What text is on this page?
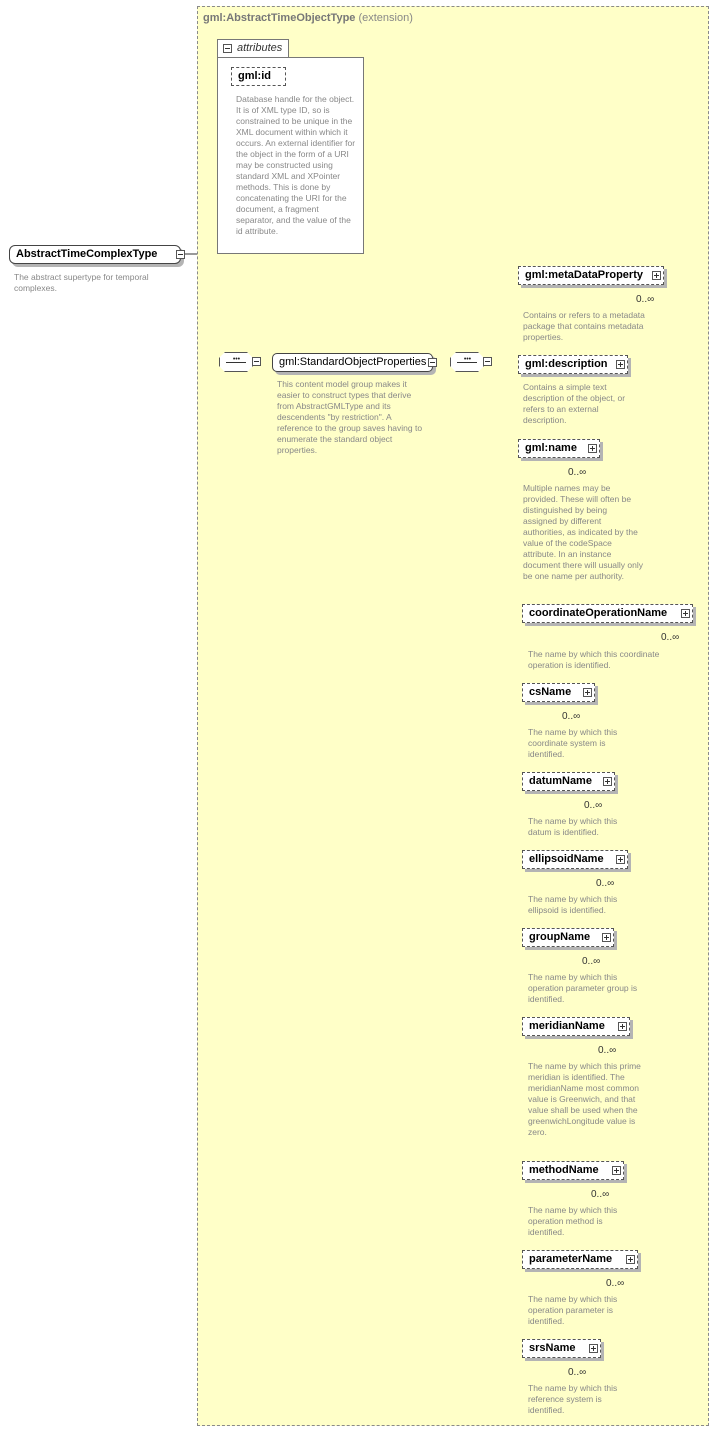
AbstractTimeComplexType
The abstract supertype for temporal complexes.
gml:AbstractTimeObjectType (extension)
attributes
gml:id
Database handle for the object. It is of XML type ID, so is constrained to be unique in the XML document within which it occurs. An external identifier for the object in the form of a URI may be constructed using standard XML and XPointer methods. This is done by concatenating the URI for the document, a fragment separator, and the value of the id attribute.
• • •
gml:StandardObjectProperties
This content model group makes it easier to construct types that derive from AbstractGMLType and its descendents "by restriction". A reference to the group saves having to enumerate the standard object properties.
• • •
gml:metaDataProperty
0..∞
Contains or refers to a metadata package that contains metadata properties.
gml:description
Contains a simple text description of the object, or refers to an external description.
gml:name
0..∞
Multiple names may be provided. These will often be distinguished by being assigned by different authorities, as indicated by the value of the codeSpace attribute. In an instance document there will usually only be one name per authority.
coordinateOperationName
0..∞
The name by which this coordinate operation is identified.
csName
0..∞
The name by which this coordinate system is identified.
datumName
0..∞
The name by which this datum is identified.
ellipsoidName
0..∞
The name by which this ellipsoid is identified.
groupName
0..∞
The name by which this operation parameter group is identified.
meridianName
0..∞
The name by which this prime meridian is identified. The meridianName most common value is Greenwich, and that value shall be used when the greenwichLongitude value is zero.
methodName
0..∞
The name by which this operation method is identified.
parameterName
0..∞
The name by which this operation parameter is identified.
srsName
0..∞
The name by which this reference system is identified.
